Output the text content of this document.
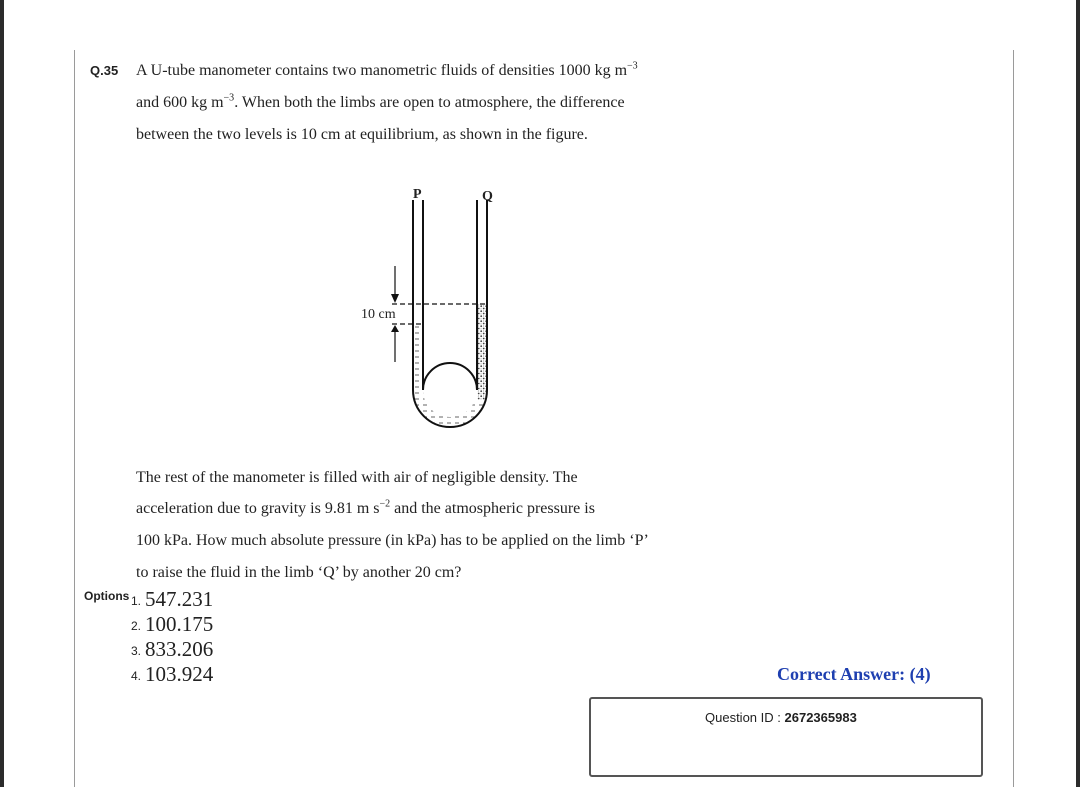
Q.35 A U-tube manometer contains two manometric fluids of densities 1000 kg $m^{-3}$
and 600 kg $m^{-3}$. When both the limbs are open to atmosphere, the difference
between the two levels is 10 cm at equilibrium, as shown in the figure.
10 cm
P	Q
The rest of the manometer is filled with air of negligible density. The
acceleration due to gravity is 9.81 m $s^{-2}$ and the atmospheric pressure is
100 kPa. How much absolute pressure (in kPa) has to be applied on the limb ‘P’
to raise the fluid in the limb ‘Q’ by another 20 cm?
Options 1. 547.231
2. 100.175
3. 833.206
4. 103.924	Correct Answer: (4)
Question ID : 2672365983
